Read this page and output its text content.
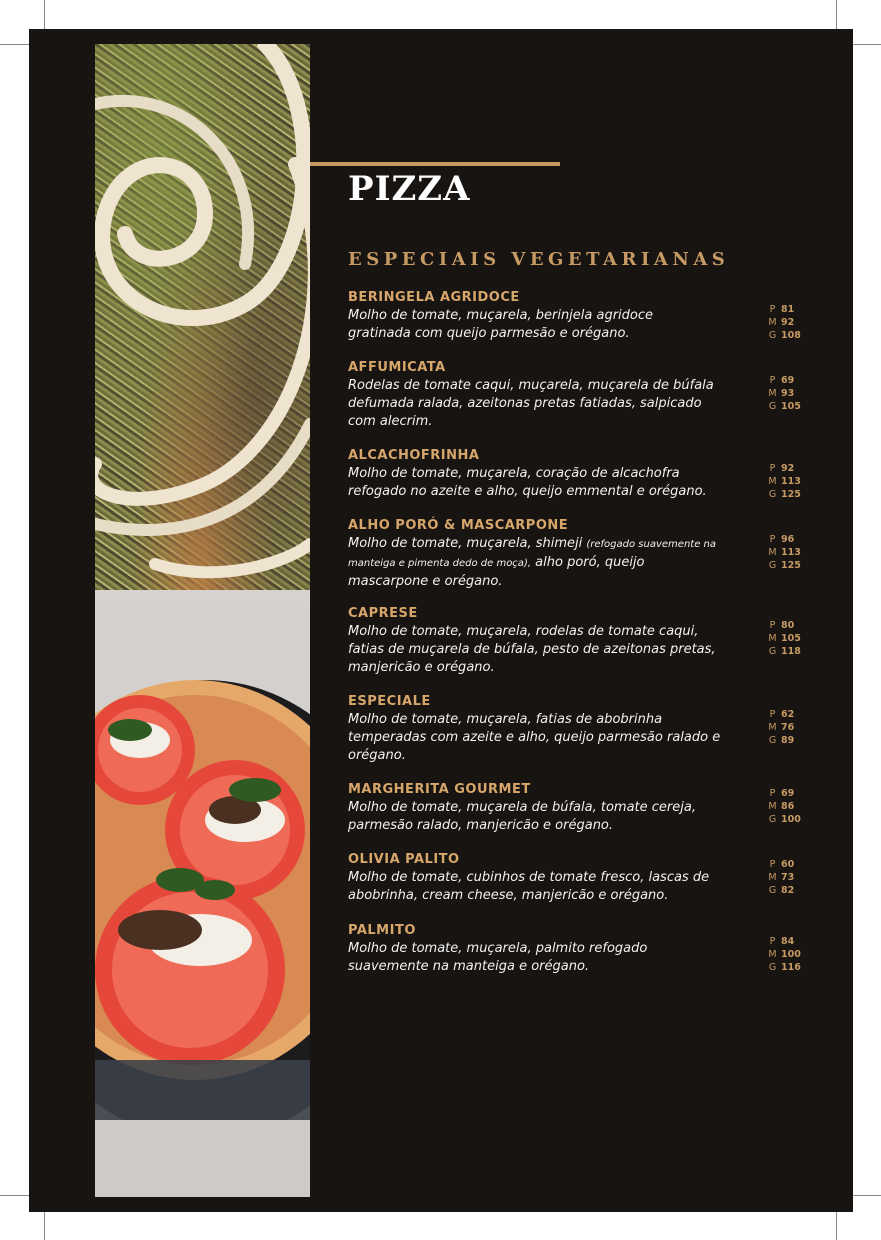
PIZZA
ESPECIAIS VEGETARIANAS
BERINGELA AGRIDOCE
Molho de tomate, muçarela, berinjela agridoce gratinada com queijo parmesão e orégano.
P 81
M 92
G 108
AFFUMICATA
Rodelas de tomate caqui, muçarela, muçarela de búfala defumada ralada, azeitonas pretas fatiadas, salpicado com alecrim.
P 69
M 93
G 105
ALCACHOFRINHA
Molho de tomate, muçarela, coração de alcachofra refogado no azeite e alho, queijo emmental e orégano.
P 92
M 113
G 125
ALHO PORÓ & MASCARPONE
Molho de tomate, muçarela, shimeji (refogado suavemente na manteiga e pimenta dedo de moça), alho poró, queijo mascarpone e orégano.
P 96
M 113
G 125
CAPRESE
Molho de tomate, muçarela, rodelas de tomate caqui, fatias de muçarela de búfala, pesto de azeitonas pretas, manjericão e orégano.
P 80
M 105
G 118
ESPECIALE
Molho de tomate, muçarela, fatias de abobrinha temperadas com azeite e alho, queijo parmesão ralado e orégano.
P 62
M 76
G 89
MARGHERITA GOURMET
Molho de tomate, muçarela de búfala, tomate cereja, parmesão ralado, manjericão e orégano.
P 69
M 86
G 100
OLIVIA PALITO
Molho de tomate, cubinhos de tomate fresco, lascas de abobrinha, cream cheese, manjericão e orégano.
P 60
M 73
G 82
PALMITO
Molho de tomate, muçarela, palmito refogado suavemente na manteiga e orégano.
P 84
M 100
G 116
